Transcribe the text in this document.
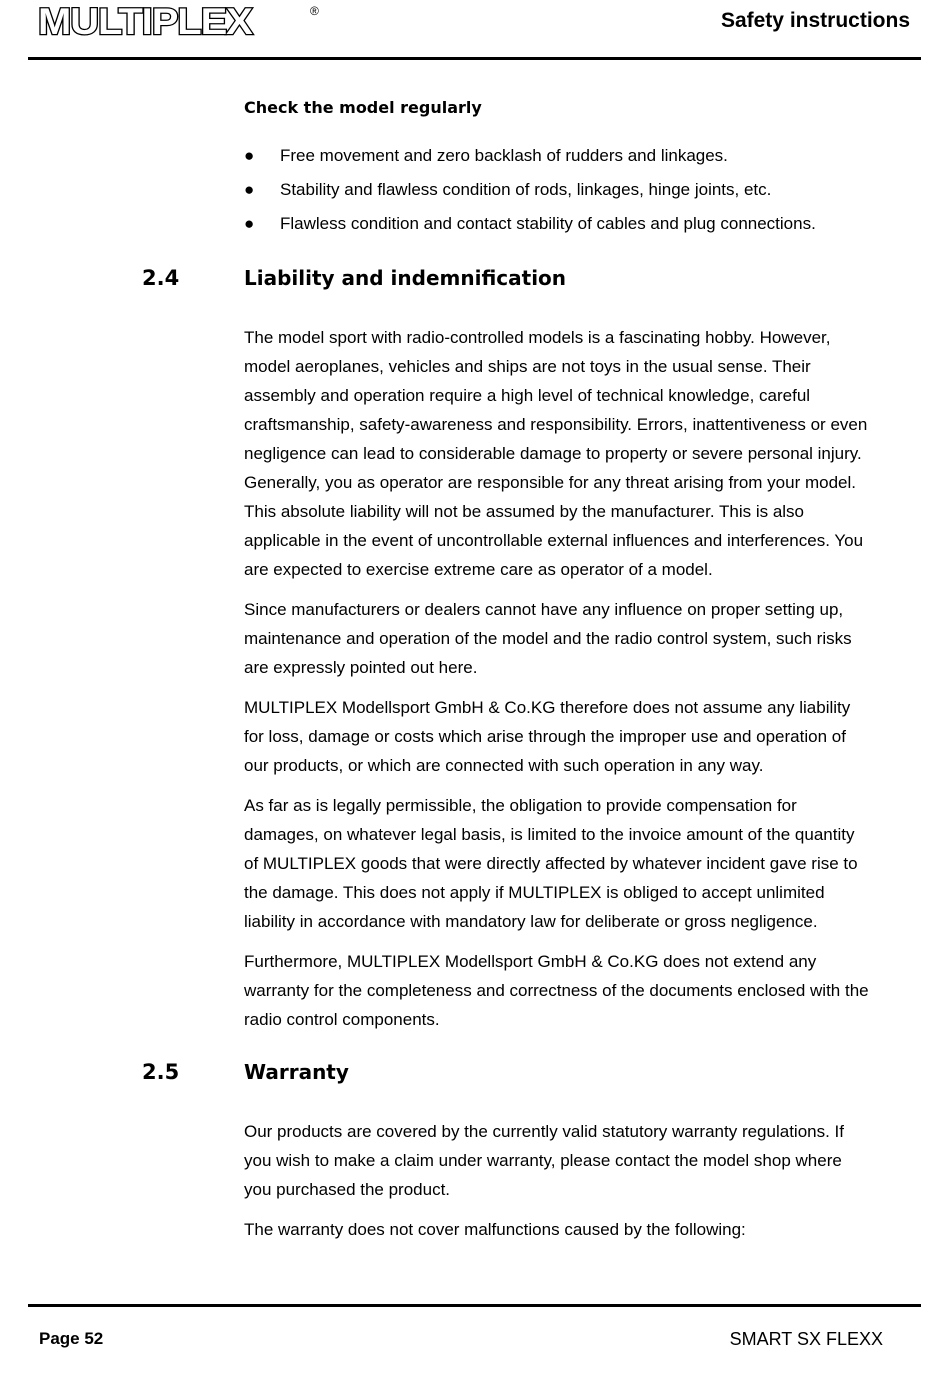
MULTIPLEX	®	Safety instructions
Check the model regularly
●	Free movement and zero backlash of rudders and linkages.
●	Stability and flawless condition of rods, linkages, hinge joints, etc.
●	Flawless condition and contact stability of cables and plug connections.
2.4	Liability and indemnification
The model sport with radio-controlled models is a fascinating hobby. However,
model aeroplanes, vehicles and ships are not toys in the usual sense. Their
assembly and operation require a high level of technical knowledge, careful
craftsmanship, safety-awareness and responsibility. Errors, inattentiveness or even
negligence can lead to considerable damage to property or severe personal injury.
Generally, you as operator are responsible for any threat arising from your model.
This absolute liability will not be assumed by the manufacturer. This is also
applicable in the event of uncontrollable external influences and interferences. You
are expected to exercise extreme care as operator of a model.
Since manufacturers or dealers cannot have any influence on proper setting up,
maintenance and operation of the model and the radio control system, such risks
are expressly pointed out here.
MULTIPLEX Modellsport GmbH & Co.KG therefore does not assume any liability
for loss, damage or costs which arise through the improper use and operation of
our products, or which are connected with such operation in any way.
As far as is legally permissible, the obligation to provide compensation for
damages, on whatever legal basis, is limited to the invoice amount of the quantity
of MULTIPLEX goods that were directly affected by whatever incident gave rise to
the damage. This does not apply if MULTIPLEX is obliged to accept unlimited
liability in accordance with mandatory law for deliberate or gross negligence.
Furthermore, MULTIPLEX Modellsport GmbH & Co.KG does not extend any
warranty for the completeness and correctness of the documents enclosed with the
radio control components.
2.5	Warranty
Our products are covered by the currently valid statutory warranty regulations. If
you wish to make a claim under warranty, please contact the model shop where
you purchased the product.
The warranty does not cover malfunctions caused by the following:
Page 52	SMART SX FLEXX
